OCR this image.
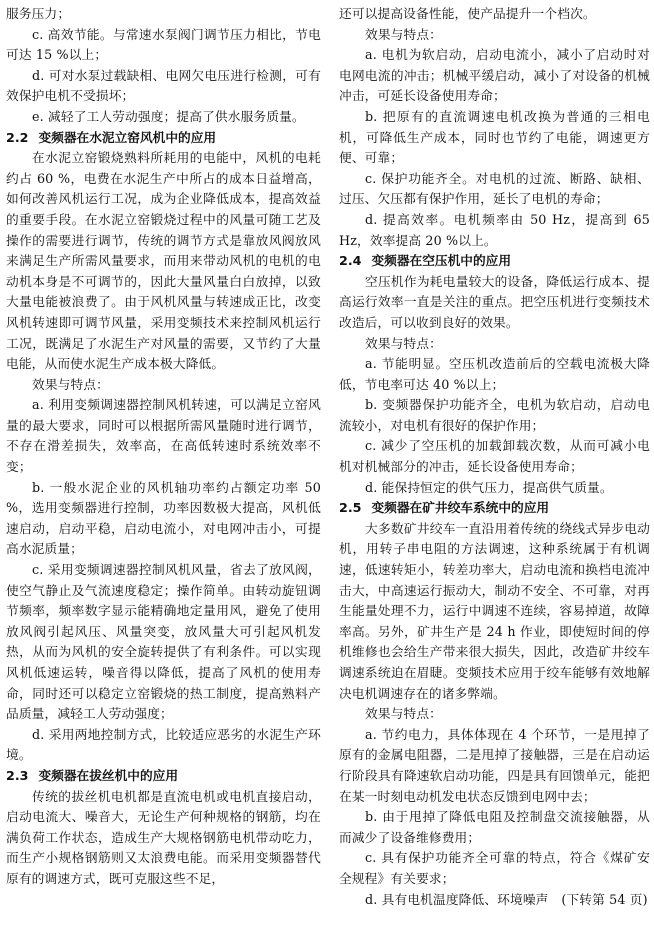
服务压力；

c. 高效节能。与常速水泵阀门调节压力相比，节电可达 15 %以上；

d. 可对水泵过载缺相、电网欠电压进行检测，可有效保护电机不受损坏；

e. 减轻了工人劳动强度；提高了供水服务质量。

2.2 变频器在水泥立窑风机中的应用

在水泥立窑锻烧熟料所耗用的电能中，风机的电耗约占 60 %，电费在水泥生产中所占的成本日益增高，如何改善风机运行工况，成为企业降低成本，提高效益的重要手段。在水泥立窑锻烧过程中的风量可随工艺及操作的需要进行调节，传统的调节方式是靠放风阀放风来满足生产所需风量要求，而用来带动风机的电机的电动机本身是不可调节的，因此大量风量白白放掉，以致大量电能被浪费了。由于风机风量与转速成正比，改变风机转速即可调节风量，采用变频技术来控制风机运行工况，既满足了水泥生产对风量的需要，又节约了大量电能，从而使水泥生产成本极大降低。

效果与特点：

a. 利用变频调速器控制风机转速，可以满足立窑风量的最大要求，同时可以根据所需风量随时进行调节，不存在滑差损失，效率高，在高低转速时系统效率不变；

b. 一般水泥企业的风机轴功率约占额定功率 50 %，选用变频器进行控制，功率因数极大提高，风机低速启动，启动平稳，启动电流小，对电网冲击小，可提高水泥质量；

c. 采用变频调速器控制风机风量，省去了放风阀，使空气静止及气流速度稳定；操作简单。由转动旋钮调节频率，频率数字显示能精确地定量用风，避免了使用放风阀引起风压、风量突变，放风量大可引起风机发热，从而为风机的安全旋转提供了有利条件。可以实现风机低速运转，噪音得以降低，提高了风机的使用寿命，同时还可以稳定立窑锻烧的热工制度，提高熟料产品质量，减轻工人劳动强度；

d. 采用两地控制方式，比较适应恶劣的水泥生产环境。

2.3 变频器在拔丝机中的应用

传统的拔丝机电机都是直流电机或电机直接启动，启动电流大、噪音大，无论生产何种规格的钢筋，均在满负荷工作状态，造成生产大规格钢筋电机带动吃力，而生产小规格钢筋则又太浪费电能。而采用变频器替代原有的调速方式，既可克服这些不足，

还可以提高设备性能，使产品提升一个档次。

效果与特点：

a. 电机为软启动，启动电流小，减小了启动时对电网电流的冲击；机械平缓启动，减小了对设备的机械冲击，可延长设备使用寿命；

b. 把原有的直流调速电机改换为普通的三相电机，可降低生产成本，同时也节约了电能，调速更方便、可靠；

c. 保护功能齐全。对电机的过流、断路、缺相、过压、欠压都有保护作用，延长了电机的寿命；

d. 提高效率。电机频率由 50 Hz，提高到 65 Hz，效率提高 20 %以上。

2.4 变频器在空压机中的应用

空压机作为耗电量较大的设备，降低运行成本、提高运行效率一直是关注的重点。把空压机进行变频技术改造后，可以收到良好的效果。

效果与特点：

a. 节能明显。空压机改造前后的空载电流极大降低，节电率可达 40 %以上；

b. 变频器保护功能齐全，电机为软启动，启动电流较小，对电机有很好的保护作用；

c. 减少了空压机的加载卸载次数，从而可减小电机对机械部分的冲击，延长设备使用寿命；

d. 能保持恒定的供气压力，提高供气质量。

2.5 变频器在矿井绞车系统中的应用

大多数矿井绞车一直沿用着传统的绕线式异步电动机，用转子串电阻的方法调速，这种系统属于有机调速，低速转矩小，转差功率大，启动电流和换档电流冲击大，中高速运行振动大，制动不安全、不可靠，对再生能量处理不力，运行中调速不连续，容易掉道，故障率高。另外，矿井生产是 24 h 作业，即使短时间的停机维修也会给生产带来很大损失，因此，改造矿井绞车调速系统迫在眉睫。变频技术应用于绞车能够有效地解决电机调速存在的诸多弊端。

效果与特点：

a. 节约电力，具体体现在 4 个环节，一是甩掉了原有的金属电阻器，二是甩掉了接触器，三是在启动运行阶段具有降速软启动功能，四是具有回馈单元，能把在某一时刻电动机发电状态反馈到电网中去；

b. 由于甩掉了降低电阻及控制盘交流接触器，从而减少了设备维修费用；

c. 具有保护功能齐全可靠的特点，符合《煤矿安全规程》有关要求；

d. 具有电机温度降低、环境噪声　(下转第 54 页)
